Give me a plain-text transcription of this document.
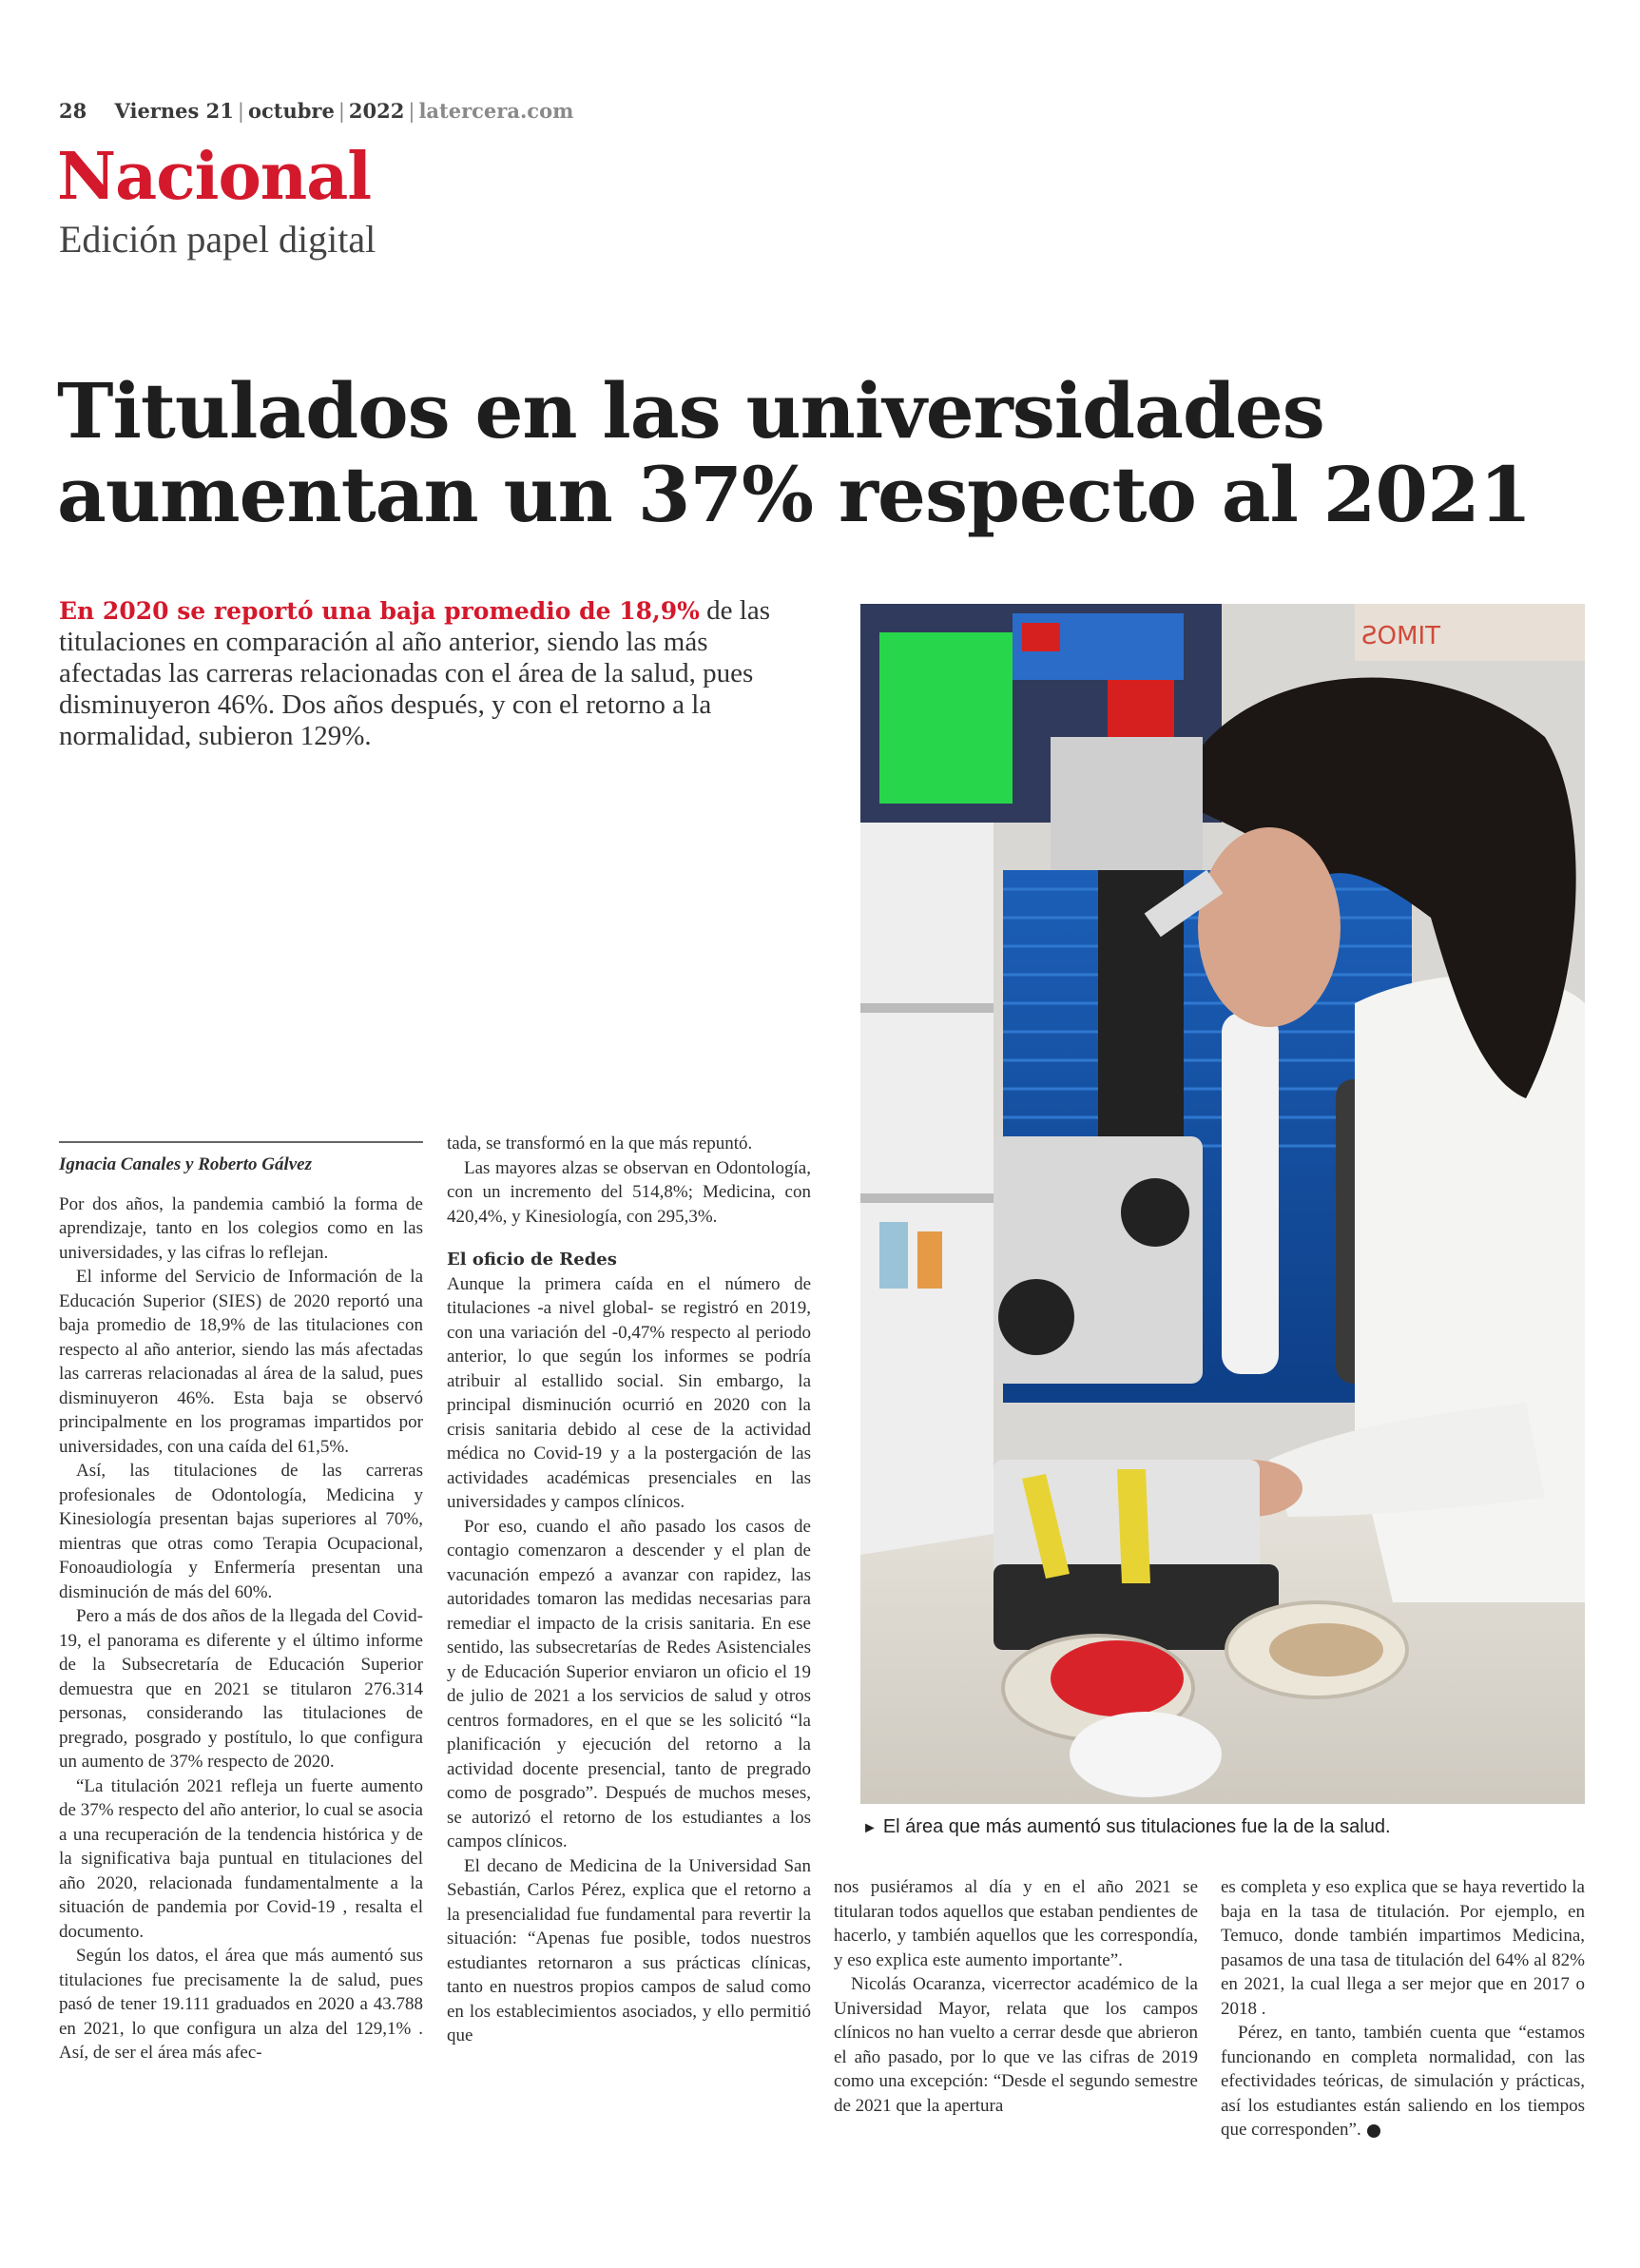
28 Viernes 21 | octubre | 2022 | latercera.com
Nacional
Edición papel digital
Titulados en las universidades aumentan un 37% respecto al 2021
En 2020 se reportó una baja promedio de 18,9% de las titulaciones en comparación al año anterior, siendo las más afectadas las carreras relacionadas con el área de la salud, pues disminuyeron 46%. Dos años después, y con el retorno a la normalidad, subieron 129%.
TIMOS
► El área que más aumentó sus titulaciones fue la de la salud.

Ignacia Canales y Roberto Gálvez

Por dos años, la pandemia cambió la forma de aprendizaje, tanto en los colegios como en las universidades, y las cifras lo reflejan.

El informe del Servicio de Información de la Educación Superior (SIES) de 2020 reportó una baja promedio de 18,9% de las titulaciones con respecto al año anterior, siendo las más afectadas las carreras relacionadas al área de la salud, pues disminuyeron 46%. Esta baja se observó principalmente en los programas impartidos por universidades, con una caída del 61,5%.

Así, las titulaciones de las carreras profesionales de Odontología, Medicina y Kinesiología presentan bajas superiores al 70%, mientras que otras como Terapia Ocupacional, Fonoaudiología y Enfermería presentan una disminución de más del 60%.

Pero a más de dos años de la llegada del Covid-19, el panorama es diferente y el último informe de la Subsecretaría de Educación Superior demuestra que en 2021 se titularon 276.314 personas, considerando las titulaciones de pregrado, posgrado y postítulo, lo que configura un aumento de 37% respecto de 2020.

“La titulación 2021 refleja un fuerte aumento de 37% respecto del año anterior, lo cual se asocia a una recuperación de la tendencia histórica y de la significativa baja puntual en titulaciones del año 2020, relacionada fundamentalmente a la situación de pandemia por Covid-19 , resalta el documento.

Según los datos, el área que más aumentó sus titulaciones fue precisamente la de salud, pues pasó de tener 19.111 graduados en 2020 a 43.788 en 2021, lo que configura un alza del 129,1% . Así, de ser el área más afec-

tada, se transformó en la que más repuntó.

Las mayores alzas se observan en Odontología, con un incremento del 514,8%; Medicina, con 420,4%, y Kinesiología, con 295,3%.

El oficio de Redes

Aunque la primera caída en el número de titulaciones -a nivel global- se registró en 2019, con una variación del -0,47% respecto al periodo anterior, lo que según los informes se podría atribuir al estallido social. Sin embargo, la principal disminución ocurrió en 2020 con la crisis sanitaria debido al cese de la actividad médica no Covid-19 y a la postergación de las actividades académicas presenciales en las universidades y campos clínicos.

Por eso, cuando el año pasado los casos de contagio comenzaron a descender y el plan de vacunación empezó a avanzar con rapidez, las autoridades tomaron las medidas necesarias para remediar el impacto de la crisis sanitaria. En ese sentido, las subsecretarías de Redes Asistenciales y de Educación Superior enviaron un oficio el 19 de julio de 2021 a los servicios de salud y otros centros formadores, en el que se les solicitó “la planificación y ejecución del retorno a la actividad docente presencial, tanto de pregrado como de posgrado”. Después de muchos meses, se autorizó el retorno de los estudiantes a los campos clínicos.

El decano de Medicina de la Universidad San Sebastián, Carlos Pérez, explica que el retorno a la presencialidad fue fundamental para revertir la situación: “Apenas fue posible, todos nuestros estudiantes retornaron a sus prácticas clínicas, tanto en nuestros propios campos de salud como en los establecimientos asociados, y ello permitió que

nos pusiéramos al día y en el año 2021 se titularan todos aquellos que estaban pendientes de hacerlo, y también aquellos que les correspondía, y eso explica este aumento importante”.

Nicolás Ocaranza, vicerrector académico de la Universidad Mayor, relata que los campos clínicos no han vuelto a cerrar desde que abrieron el año pasado, por lo que ve las cifras de 2019 como una excepción: “Desde el segundo semestre de 2021 que la apertura

es completa y eso explica que se haya revertido la baja en la tasa de titulación. Por ejemplo, en Temuco, donde también impartimos Medicina, pasamos de una tasa de titulación del 64% al 82% en 2021, la cual llega a ser mejor que en 2017 o 2018 .

Pérez, en tanto, también cuenta que “estamos funcionando en completa normalidad, con las efectividades teóricas, de simulación y prácticas, así los estudiantes están saliendo en los tiempos que corresponden”.
